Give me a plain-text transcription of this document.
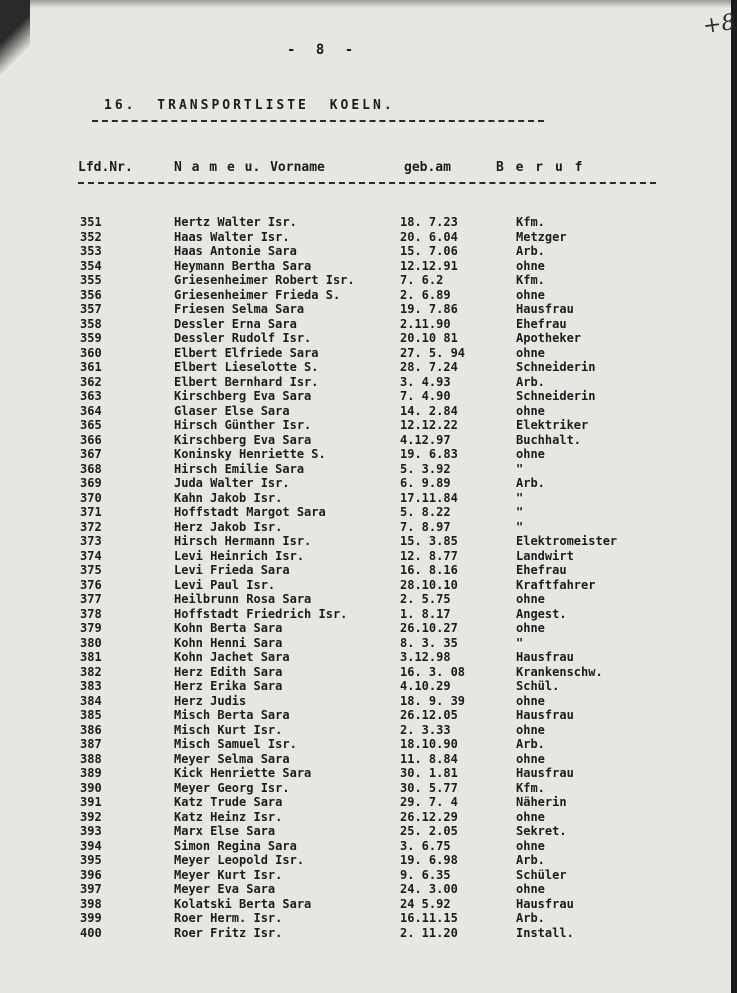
- 8 -
+8
16. TRANSPORTLISTE KOELN.
Lfd.Nr.	N a m e u. Vorname	geb.am	B e r u f
351	Hertz Walter Isr.	18. 7.23	Kfm.
352	Haas Walter Isr.	20. 6.04	Metzger
353	Haas Antonie Sara	15. 7.06	Arb.
354	Heymann Bertha Sara	12.12.91	ohne
355	Griesenheimer Robert Isr.	7. 6.2	Kfm.
356	Griesenheimer Frieda S.	2. 6.89	ohne
357	Friesen Selma Sara	19. 7.86	Hausfrau
358	Dessler Erna Sara	2.11.90	Ehefrau
359	Dessler Rudolf Isr.	20.10 81	Apotheker
360	Elbert Elfriede Sara	27. 5. 94	ohne
361	Elbert Lieselotte S.	28. 7.24	Schneiderin
362	Elbert Bernhard Isr.	3. 4.93	Arb.
363	Kirschberg Eva Sara	7. 4.90	Schneiderin
364	Glaser Else Sara	14. 2.84	ohne
365	Hirsch Günther Isr.	12.12.22	Elektriker
366	Kirschberg Eva Sara	4.12.97	Buchhalt.
367	Koninsky Henriette S.	19. 6.83	ohne
368	Hirsch Emilie Sara	5. 3.92	"
369	Juda Walter Isr.	6. 9.89	Arb.
370	Kahn Jakob Isr.	17.11.84	"
371	Hoffstadt Margot Sara	5. 8.22	"
372	Herz Jakob Isr.	7. 8.97	"
373	Hirsch Hermann Isr.	15. 3.85	Elektromeister
374	Levi Heinrich Isr.	12. 8.77	Landwirt
375	Levi Frieda Sara	16. 8.16	Ehefrau
376	Levi Paul Isr.	28.10.10	Kraftfahrer
377	Heilbrunn Rosa Sara	2. 5.75	ohne
378	Hoffstadt Friedrich Isr.	1. 8.17	Angest.
379	Kohn Berta Sara	26.10.27	ohne
380	Kohn Henni Sara	8. 3. 35	"
381	Kohn Jachet Sara	3.12.98	Hausfrau
382	Herz Edith Sara	16. 3. 08	Krankenschw.
383	Herz Erika Sara	4.10.29	Schül.
384	Herz Judis	18. 9. 39	ohne
385	Misch Berta Sara	26.12.05	Hausfrau
386	Misch Kurt Isr.	2. 3.33	ohne
387	Misch Samuel Isr.	18.10.90	Arb.
388	Meyer Selma Sara	11. 8.84	ohne
389	Kick Henriette Sara	30. 1.81	Hausfrau
390	Meyer Georg Isr.	30. 5.77	Kfm.
391	Katz Trude Sara	29. 7. 4	Näherin
392	Katz Heinz Isr.	26.12.29	ohne
393	Marx Else Sara	25. 2.05	Sekret.
394	Simon Regina Sara	3. 6.75	ohne
395	Meyer Leopold Isr.	19. 6.98	Arb.
396	Meyer Kurt Isr.	9. 6.35	Schüler
397	Meyer Eva Sara	24. 3.00	ohne
398	Kolatski Berta Sara	24 5.92	Hausfrau
399	Roer Herm. Isr.	16.11.15	Arb.
400	Roer Fritz Isr.	2. 11.20	Install.
